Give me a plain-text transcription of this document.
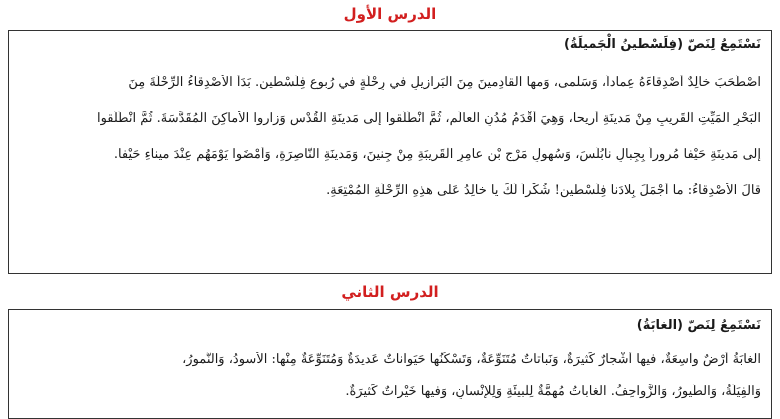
الدرس الأول
نَسْتَمِعُ لِنَصّ (فِلَسْطينُ الْجَميلَةُ)
اصْطَحَبَ خالِدٌ أَصْدِقاءَهُ عِماداً، وَسَلْمى، وَمها القادِمينَ مِنَ الْبَرازيلِ في رِحْلَةٍ في رُبوعِ فِلَسْطين. بَدَأَ الأَصْدِقاءُ الرِّحْلَةَ مِنَ
الْبَحْرِ الْمَيِّتِ الْقَريبِ مِنْ مَدينَةِ أَريحا، وَهِيَ أَقْدَمُ مُدُنِ الْعالَمِ، ثُمَّ انْطَلَقوا إلى مَدينَةِ الْقُدْسِ وَزاروا الأَماكِنَ الْمُقَدَّسَةَ. ثُمَّ انْطَلَقوا
إلى مَدينَةِ حَيْفا مُروراً بِجِبالِ نابُلُسَ، وَسُهولِ مَرْجِ بْنِ عامِرِ الْقَريبَةِ مِنْ جِنينَ، وَمَدينَةِ النّاصِرَةِ، وَأَمْضَوا يَوْمَهُم عِنْدَ ميناءِ حَيْفا.
قالَ الأَصْدِقاءُ: ما أَجْمَلَ بِلادَنا فِلَسْطين! شُكْراً لَكَ يا خالِدُ عَلى هذِهِ الرِّحْلَةِ الْمُمْتِعَةِ.
الدرس الثاني
نَسْتَمِعُ لِنَصّ (الغابَةُ)
الغابَةُ أَرْضٌ واسِعَةٌ، فيها أَشْجارٌ كَثيرَةٌ، وَنَباتاتٌ مُتَنَوِّعَةٌ، وَتَسْكُنُها حَيَواناتٌ عَديدَةٌ وَمُتَنَوِّعَةٌ مِنْها: الأُسودُ، وَالنُّمورُ،
وَالفِيَلَةُ، وَالطُّيورُ، وَالزَّواحِفُ. الغاباتُ مُهِمَّةٌ لِلْبيئَةِ وَلِلإنْسانِ، وَفيها خَيْراتٌ كَثيرَةٌ.
